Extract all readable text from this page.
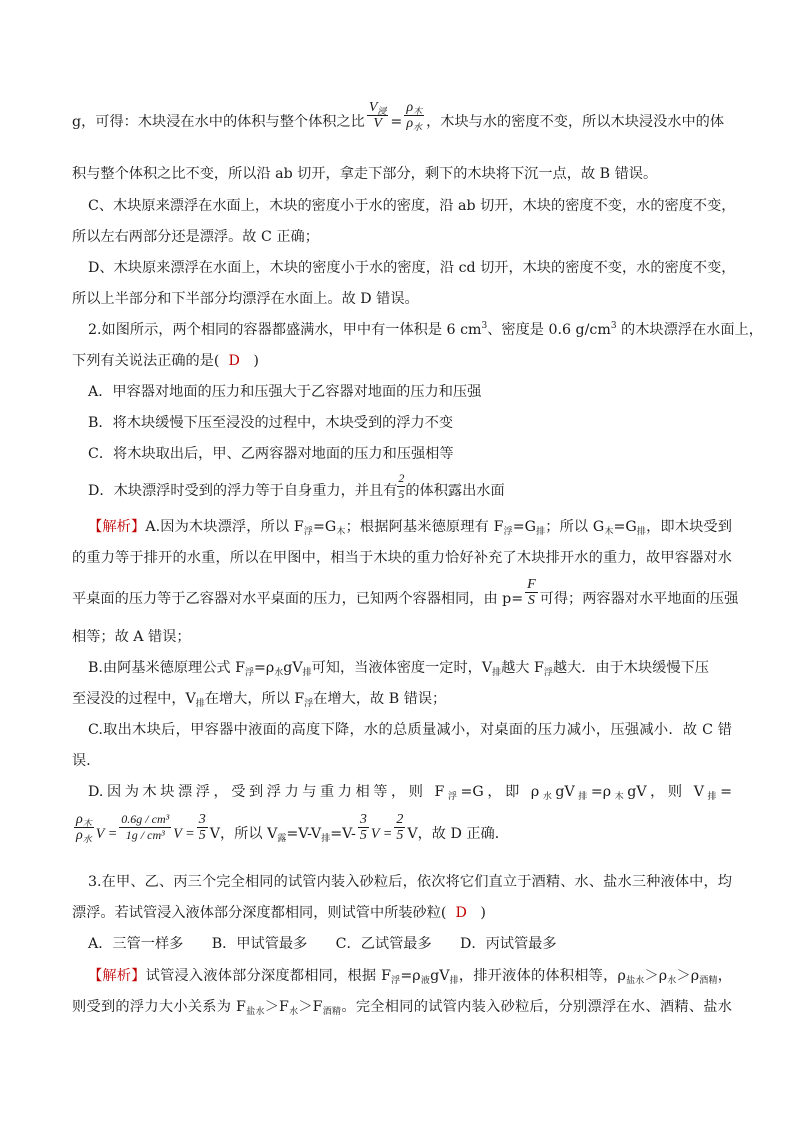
g，可得：木块浸在水中的体积与整个体积之比 $\frac{V_浸}{V} = \frac{\rho_木}{\rho_水}$ ，木块与水的密度不变，所以木块浸没水中的体
积与整个体积之比不变，所以沿 ab 切开，拿走下部分，剩下的木块将下沉一点，故 B 错误。
C、木块原来漂浮在水面上，木块的密度小于水的密度，沿 ab 切开，木块的密度不变，水的密度不变，
所以左右两部分还是漂浮。故 C 正确；
D、木块原来漂浮在水面上，木块的密度小于水的密度，沿 cd 切开，木块的密度不变，水的密度不变，
所以上半部分和下半部分均漂浮在水面上。故 D 错误。
2.如图所示，两个相同的容器都盛满水，甲中有一体积是 6 $cm^3$、密度是 0.6 $g/cm^3$ 的木块漂浮在水面上，
下列有关说法正确的是( D )
A．甲容器对地面的压力和压强大于乙容器对地面的压力和压强
B．将木块缓慢下压至浸没的过程中，木块受到的浮力不变
C．将木块取出后，甲、乙两容器对地面的压力和压强相等
D．木块漂浮时受到的浮力等于自身重力，并且有 $\frac{2}{5}$ 的体积露出水面
【解析】A.因为木块漂浮，所以 $F_浮=G_木$；根据阿基米德原理有 $F_浮=G_排$；所以 $G_木=G_排$，即木块受到
的重力等于排开的水重，所以在甲图中，相当于木块的重力恰好补充了木块排开水的重力，故甲容器对水
平桌面的压力等于乙容器对水平桌面的压力，已知两个容器相同，由 $p= \frac{F}{S}$ 可得；两容器对水平地面的压强
相等；故 A 错误；
B.由阿基米德原理公式 $F_浮=\rho_水gV_排$可知，当液体密度一定时，$V_排$越大 $F_浮$越大．由于木块缓慢下压
至浸没的过程中，$V_排$在增大，所以 $F_浮$在增大，故 B 错误；
C.取出木块后，甲容器中液面的高度下降，水的总质量减小，对桌面的压力减小，压强减小．故 C 错
误．
D.因为木块漂浮，受到浮力与重力相等，则 $F_浮=G$，即 $\rho_水gV_排=\rho_木gV$，则 $V_排=$
$\frac{\rho_木}{\rho_水}$ $V = \frac{\text{0.6g / cm³}}{\text{1g / cm³}}$ $V = \frac{3}{5}$ V，所以 $V_露=V-V_排=V- \frac{3}{5}$ $V = \frac{2}{5}$ V，故 D 正确．
3.在甲、乙、丙三个完全相同的试管内装入砂粒后，依次将它们直立于酒精、水、盐水三种液体中，均
漂浮。若试管浸入液体部分深度都相同，则试管中所装砂粒( D )
A．三管一样多　　B．甲试管最多　　C．乙试管最多　　D．丙试管最多
【解析】试管浸入液体部分深度都相同，根据 $F_浮=\rho_液gV_排$，排开液体的体积相等，$\rho_{盐水}>\rho_水>\rho_{酒精}$，
则受到的浮力大小关系为 $F_{盐水}>F_水>F_{酒精}$。完全相同的试管内装入砂粒后，分别漂浮在水、酒精、盐水
